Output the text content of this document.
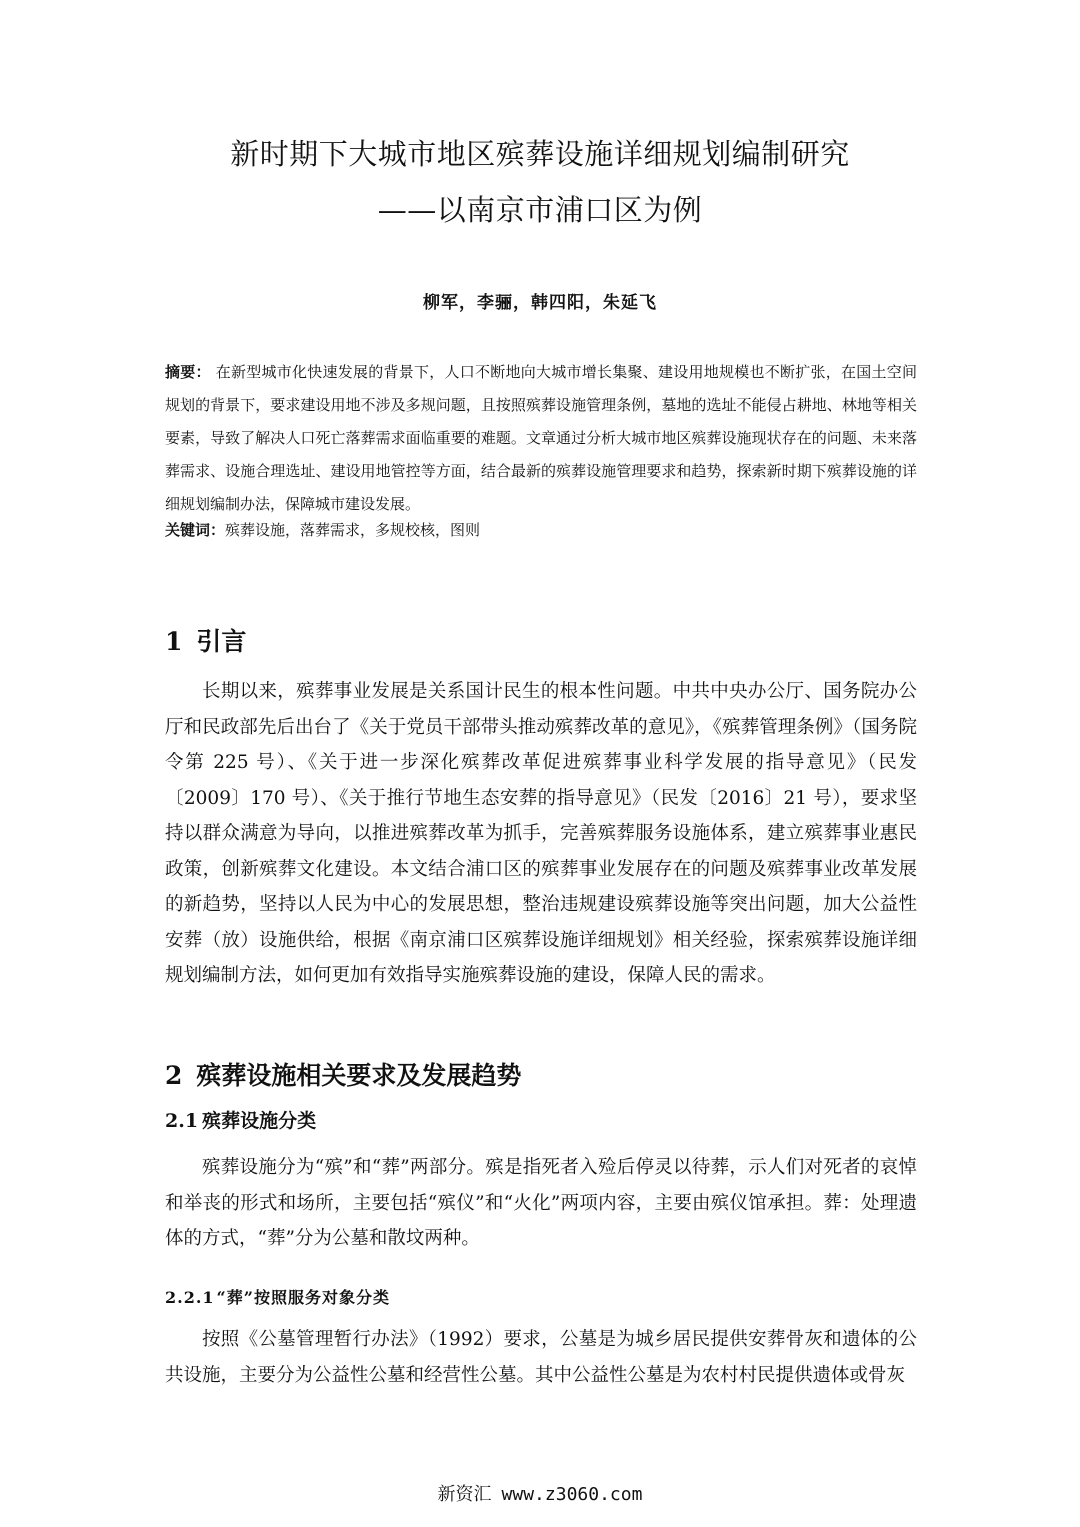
新时期下大城市地区殡葬设施详细规划编制研究
——以南京市浦口区为例
柳军，李骊，韩四阳，朱延飞

摘要： 在新型城市化快速发展的背景下，人口不断地向大城市增长集聚、建设用地规模也不断扩张，在国土空间规划的背景下，要求建设用地不涉及多规问题，且按照殡葬设施管理条例，墓地的选址不能侵占耕地、林地等相关要素，导致了解决人口死亡落葬需求面临重要的难题。文章通过分析大城市地区殡葬设施现状存在的问题、未来落葬需求、设施合理选址、建设用地管控等方面，结合最新的殡葬设施管理要求和趋势，探索新时期下殡葬设施的详细规划编制办法，保障城市建设发展。

关键词：殡葬设施，落葬需求，多规校核，图则

1 引言

长期以来，殡葬事业发展是关系国计民生的根本性问题。中共中央办公厅、国务院办公厅和民政部先后出台了《关于党员干部带头推动殡葬改革的意见》，《殡葬管理条例》（国务院令第 225 号）、《关于进一步深化殡葬改革促进殡葬事业科学发展的指导意见》（民发〔2009〕170 号）、《关于推行节地生态安葬的指导意见》（民发〔2016〕21 号），要求坚持以群众满意为导向，以推进殡葬改革为抓手，完善殡葬服务设施体系，建立殡葬事业惠民政策，创新殡葬文化建设。本文结合浦口区的殡葬事业发展存在的问题及殡葬事业改革发展的新趋势，坚持以人民为中心的发展思想，整治违规建设殡葬设施等突出问题，加大公益性安葬（放）设施供给，根据《南京浦口区殡葬设施详细规划》相关经验，探索殡葬设施详细规划编制方法，如何更加有效指导实施殡葬设施的建设，保障人民的需求。

2 殡葬设施相关要求及发展趋势
2.1 殡葬设施分类

殡葬设施分为“殡”和“葬”两部分。殡是指死者入殓后停灵以待葬，示人们对死者的哀悼和举丧的形式和场所，主要包括“殡仪”和“火化”两项内容，主要由殡仪馆承担。葬：处理遗体的方式，“葬”分为公墓和散坟两种。

2.2.1 “葬”按照服务对象分类

按照《公墓管理暂行办法》（1992）要求，公墓是为城乡居民提供安葬骨灰和遗体的公共设施，主要分为公益性公墓和经营性公墓。其中公益性公墓是为农村村民提供遗体或骨灰

新资汇 www.z3060.com
